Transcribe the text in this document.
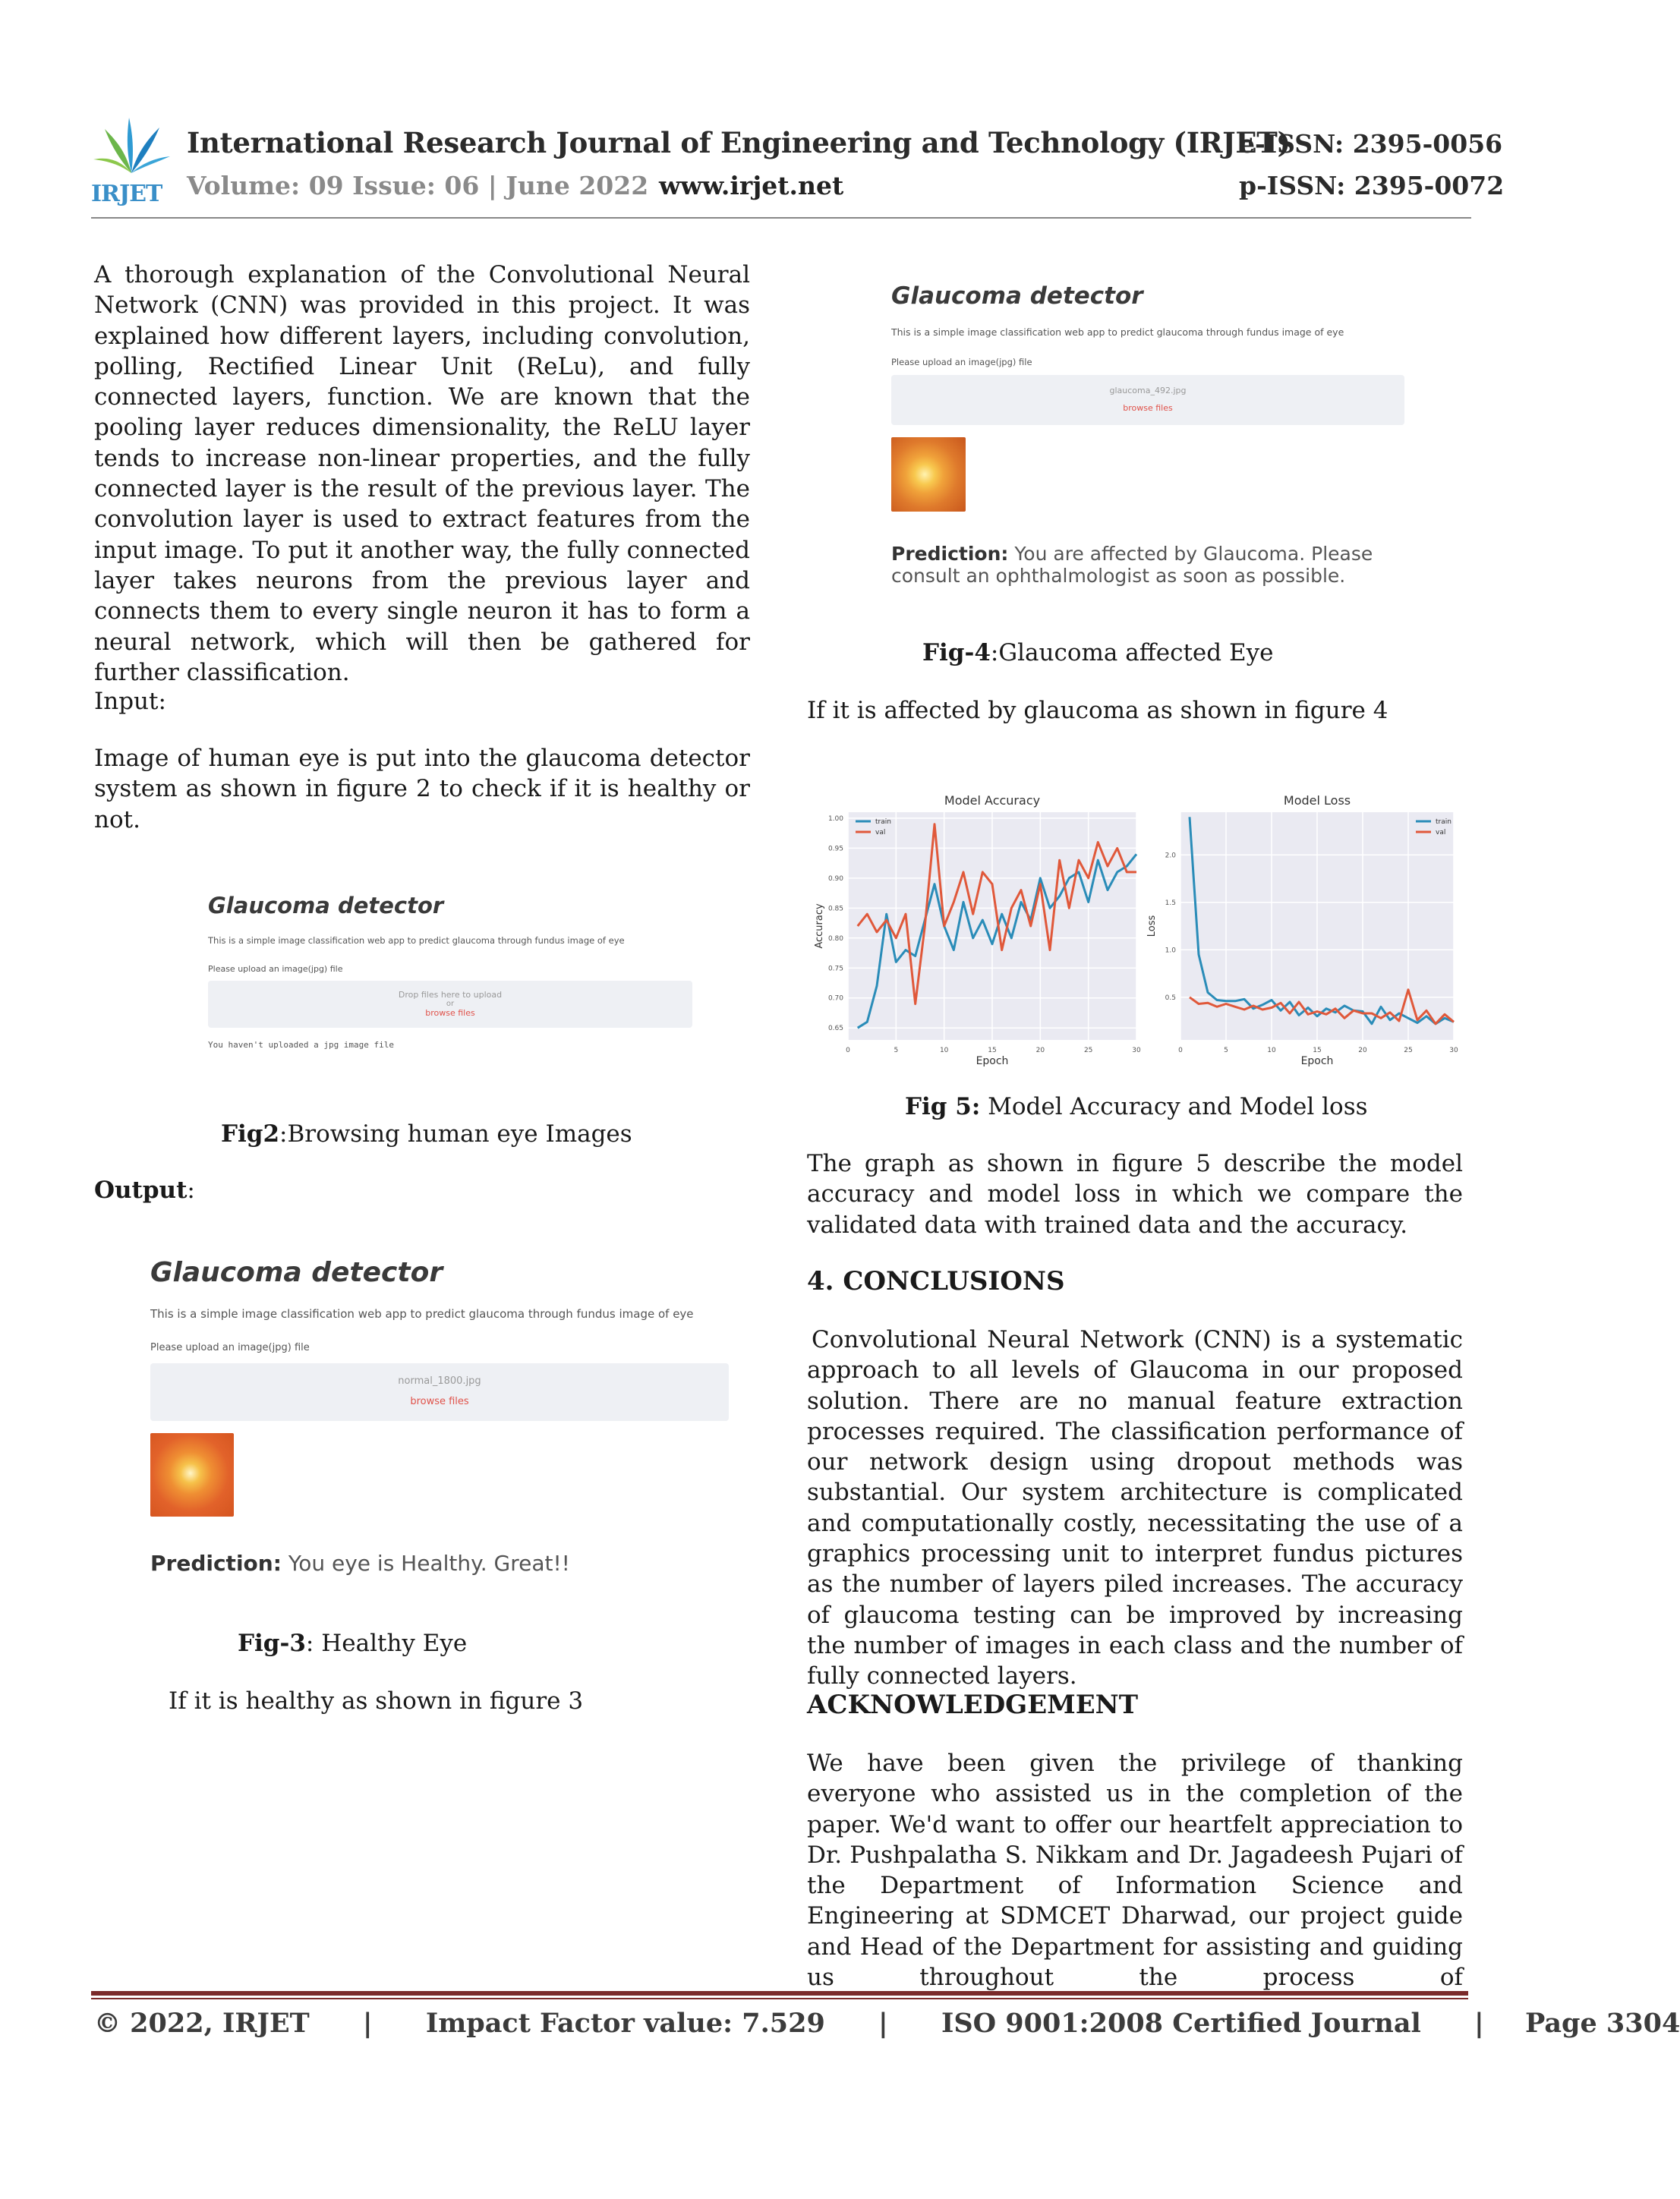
IRJET
International Research Journal of Engineering and Technology (IRJET)
e-ISSN: 2395-0056
Volume: 09 Issue: 06 | June 2022 www.irjet.net	p-ISSN: 2395-0072

A thorough explanation of the Convolutional Neural Network (CNN) was provided in this project. It was explained how different layers, including convolution, polling, Rectified Linear Unit (ReLu), and fully connected layers, function. We are known that the pooling layer reduces dimensionality, the ReLU layer tends to increase non-linear properties, and the fully connected layer is the result of the previous layer. The convolution layer is used to extract features from the input image. To put it another way, the fully connected layer takes neurons from the previous layer and connects them to every single neuron it has to form a neural network, which will then be gathered for further classification.

Input:

Image of human eye is put into the glaucoma detector system as shown in figure 2 to check if it is healthy or not.

Glaucoma detector
This is a simple image classification web app to predict glaucoma through fundus image of eye
Please upload an image(jpg) file
Drop files here to upload
or
browse files
You haven't uploaded a jpg image file
Fig2:Browsing human eye Images
Output:
Glaucoma detector
This is a simple image classification web app to predict glaucoma through fundus image of eye
Please upload an image(jpg) file
normal_1800.jpg
browse files
Prediction: You eye is Healthy. Great!!
Fig-3: Healthy Eye
If it is healthy as shown in figure 3
Glaucoma detector
This is a simple image classification web app to predict glaucoma through fundus image of eye
Please upload an image(jpg) file
glaucoma_492.jpg
browse files
Prediction: You are affected by Glaucoma. Please
consult an ophthalmologist as soon as possible.
Fig-4:Glaucoma affected Eye
If it is affected by glaucoma as shown in figure 4
0	5	10	15	20	25	30
0.65
0.70
0.75
0.80
0.85
0.90
0.95
1.00
Model Accuracy
Epoch
Accuracy
train
val
0	5	10	15	20	25	30
0.5
1.0
1.5
2.0
Model Loss
Epoch
Loss
train
val
Fig 5: Model Accuracy and Model loss

The graph as shown in figure 5 describe the model accuracy and model loss in which we compare the validated data with trained data and the accuracy.

4. CONCLUSIONS

Convolutional Neural Network (CNN) is a systematic approach to all levels of Glaucoma in our proposed solution. There are no manual feature extraction processes required. The classification performance of our network design using dropout methods was substantial. Our system architecture is complicated and computationally costly, necessitating the use of a graphics processing unit to interpret fundus pictures as the number of layers piled increases. The accuracy of glaucoma testing can be improved by increasing the number of images in each class and the number of fully connected layers.

ACKNOWLEDGEMENT

We have been given the privilege of thanking everyone who assisted us in the completion of the paper. We'd want to offer our heartfelt appreciation to Dr. Pushpalatha S. Nikkam and Dr. Jagadeesh Pujari of the Department of Information Science and Engineering at SDMCET Dharwad, our project guide and Head of the Department for assisting and guiding us throughout the process of

© 2022, IRJET | Impact Factor value: 7.529 | ISO 9001:2008 Certified Journal | Page 3304
